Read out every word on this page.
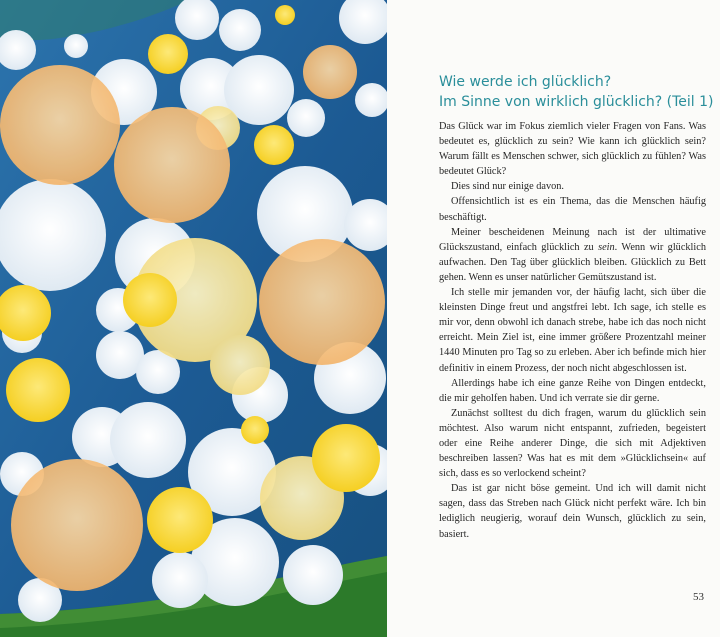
Wie werde ich glücklich?
Im Sinne von wirklich glücklich? (Teil 1)

Das Glück war im Fokus ziemlich vieler Fragen von Fans. Was bedeutet es, glücklich zu sein? Wie kann ich glücklich sein? Warum fällt es Menschen schwer, sich glücklich zu fühlen? Was bedeutet Glück?

Dies sind nur einige davon.

Offensichtlich ist es ein Thema, das die Menschen häufig beschäftigt.

Meiner bescheidenen Meinung nach ist der ultimative Glückszustand, einfach glücklich zu sein. Wenn wir glücklich aufwachen. Den Tag über glücklich bleiben. Glücklich zu Bett gehen. Wenn es unser natürlicher Gemütszustand ist.

Ich stelle mir jemanden vor, der häufig lacht, sich über die kleinsten Dinge freut und angstfrei lebt. Ich sage, ich stelle es mir vor, denn obwohl ich danach strebe, habe ich das noch nicht erreicht. Mein Ziel ist, eine immer größere Prozentzahl meiner 1440 Minuten pro Tag so zu erleben. Aber ich befinde mich hier definitiv in einem Prozess, der noch nicht abgeschlossen ist.

Allerdings habe ich eine ganze Reihe von Dingen entdeckt, die mir geholfen haben. Und ich verrate sie dir gerne.

Zunächst solltest du dich fragen, warum du glücklich sein möchtest. Also warum nicht entspannt, zufrieden, begeistert oder eine Reihe anderer Dinge, die sich mit Adjektiven beschreiben lassen? Was hat es mit dem »Glücklichsein« auf sich, dass es so verlockend scheint?

Das ist gar nicht böse gemeint. Und ich will damit nicht sagen, dass das Streben nach Glück nicht perfekt wäre. Ich bin lediglich neugierig, worauf dein Wunsch, glücklich zu sein, basiert.

53
